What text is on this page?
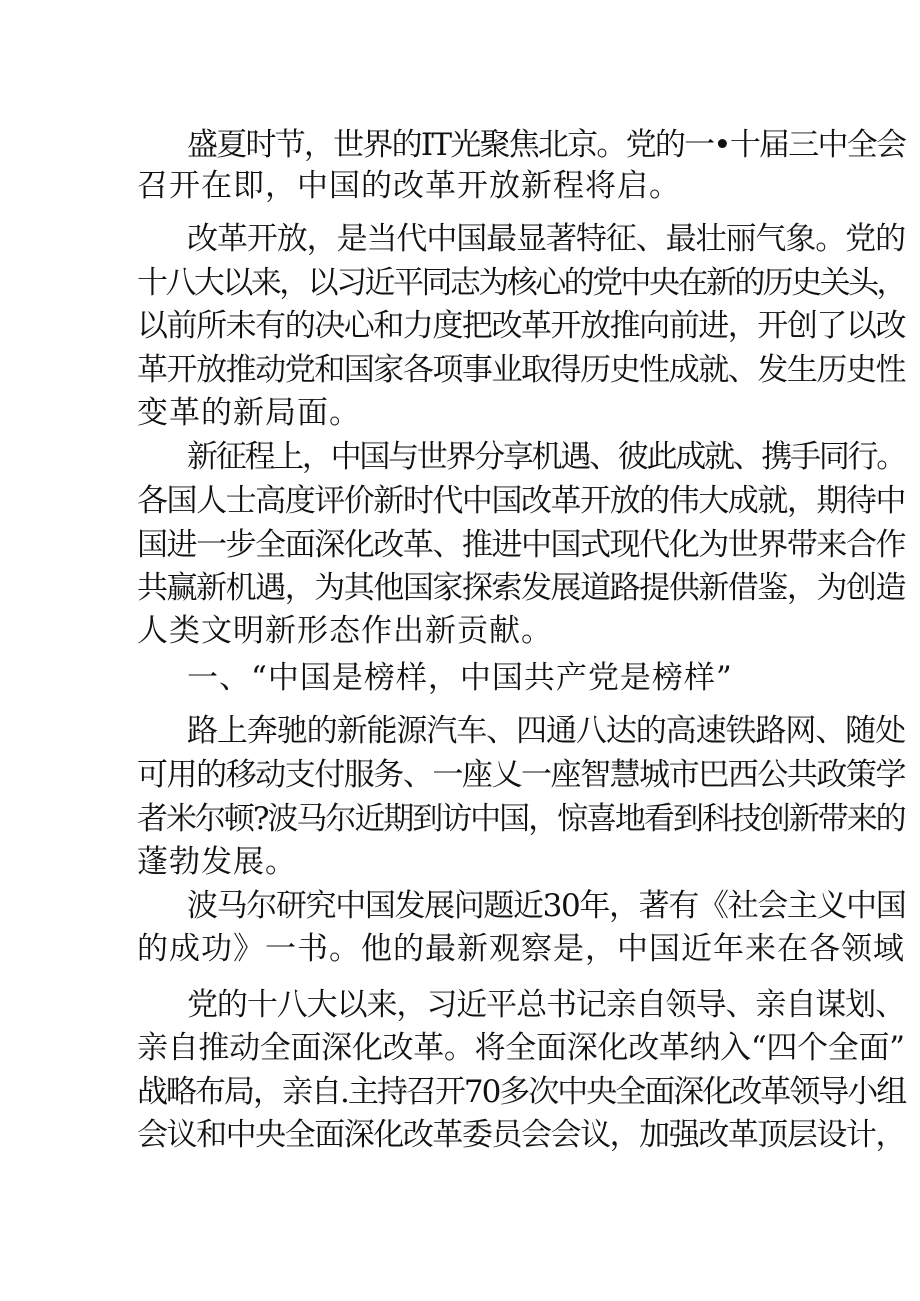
盛夏时节，世界的IT光聚焦北京。党的一•十届三中全会
召开在即，中国的改革开放新程将启。
改革开放，是当代中国最显著特征、最壮丽气象。党的
十八大以来，以习近平同志为核心的党中央在新的历史关头，
以前所未有的决心和力度把改革开放推向前进，开创了以改
革开放推动党和国家各项事业取得历史性成就、发生历史性
变革的新局面。
新征程上，中国与世界分享机遇、彼此成就、携手同行。
各国人士高度评价新时代中国改革开放的伟大成就，期待中
国进一步全面深化改革、推进中国式现代化为世界带来合作
共赢新机遇，为其他国家探索发展道路提供新借鉴，为创造
人类文明新形态作出新贡献。
一、“中国是榜样，中国共产党是榜样”
路上奔驰的新能源汽车、四通八达的高速铁路网、随处
可用的移动支付服务、一座乂一座智慧城市巴西公共政策学
者米尔顿?波马尔近期到访中国，惊喜地看到科技创新带来的
蓬勃发展。
波马尔研究中国发展问题近30年，著有《社会主义中国
的成功》一书。他的最新观察是，中国近年来在各领域
党的十八大以来，习近平总书记亲自领导、亲自谋划、
亲自推动全面深化改革。将全面深化改革纳入“四个全面”
战略布局，亲自.主持召开70多次中央全面深化改革领导小组
会议和中央全面深化改革委员会会议，加强改革顶层设计，
